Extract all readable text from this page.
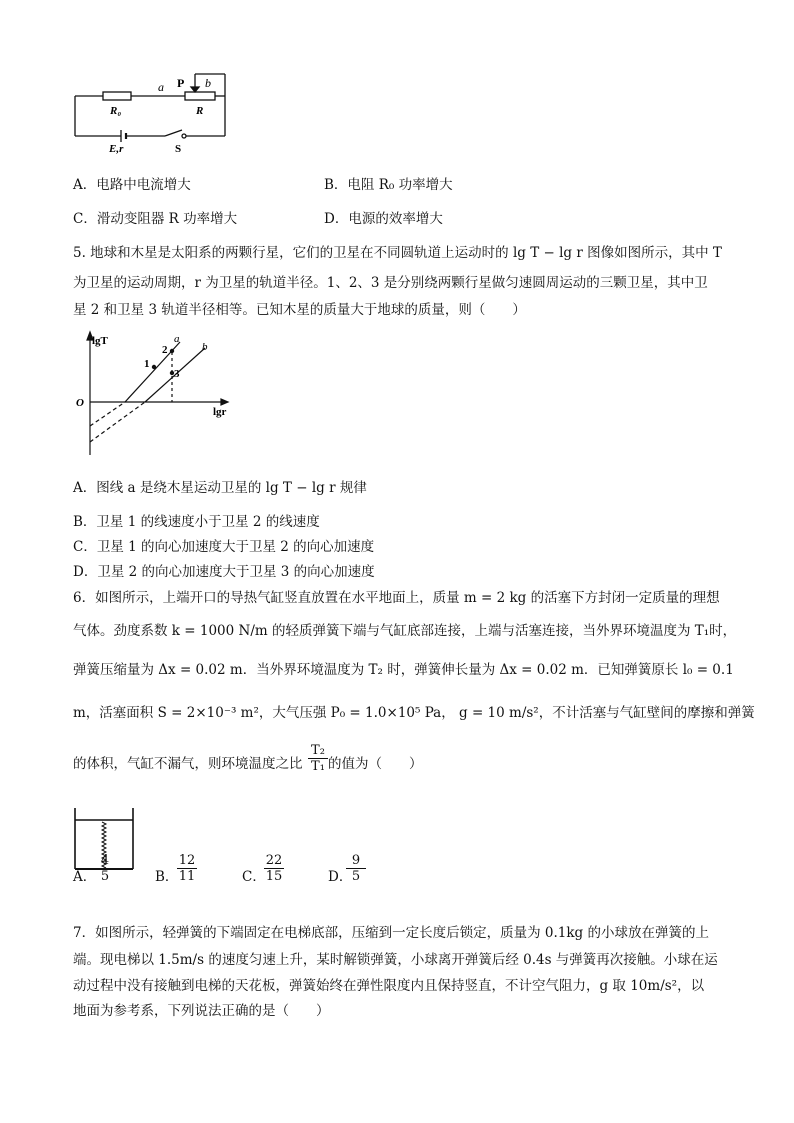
a P b
R₀	R
E,r	S
A．电路中电流增大	B．电阻 R₀ 功率增大
C．滑动变阻器 R 功率增大	D．电源的效率增大
5. 地球和木星是太阳系的两颗行星，它们的卫星在不同圆轨道上运动时的 lg T − lg r 图像如图所示，其中 T
为卫星的运动周期，r 为卫星的轨道半径。1、2、3 是分别绕两颗行星做匀速圆周运动的三颗卫星，其中卫
星 2 和卫星 3 轨道半径相等。已知木星的质量大于地球的质量，则（　　）
lgT
lgr
O
a
b
1
2
3
A．图线 a 是绕木星运动卫星的 lg T − lg r 规律
B．卫星 1 的线速度小于卫星 2 的线速度
C．卫星 1 的向心加速度大于卫星 2 的向心加速度
D．卫星 2 的向心加速度大于卫星 3 的向心加速度
6．如图所示，上端开口的导热气缸竖直放置在水平地面上，质量 m = 2 kg 的活塞下方封闭一定质量的理想
气体。劲度系数 k = 1000 N/m 的轻质弹簧下端与气缸底部连接，上端与活塞连接，当外界环境温度为 T₁时，
弹簧压缩量为 Δx = 0.02 m．当外界环境温度为 T₂ 时，弹簧伸长量为 Δx = 0.02 m．已知弹簧原长 l₀ = 0.1
m，活塞面积 S = 2×10⁻³ m²，大气压强 P₀ = 1.0×10⁵ Pa， g = 10 m/s²，不计活塞与气缸壁间的摩擦和弹簧
的体积，气缸不漏气，则环境温度之比 $\frac{\text{T₂}}{\text{T₁}}$ 的值为（　　）
A．
$\frac{4}{5}$	B．
$\frac{12}{11}$	C．
$\frac{22}{15}$	D．
$\frac{9}{5}$
7．如图所示，轻弹簧的下端固定在电梯底部，压缩到一定长度后锁定，质量为 0.1kg 的小球放在弹簧的上
端。现电梯以 1.5m/s 的速度匀速上升，某时解锁弹簧，小球离开弹簧后经 0.4s 与弹簧再次接触。小球在运
动过程中没有接触到电梯的天花板，弹簧始终在弹性限度内且保持竖直，不计空气阻力，g 取 10m/s²，以
地面为参考系，下列说法正确的是（　　）
